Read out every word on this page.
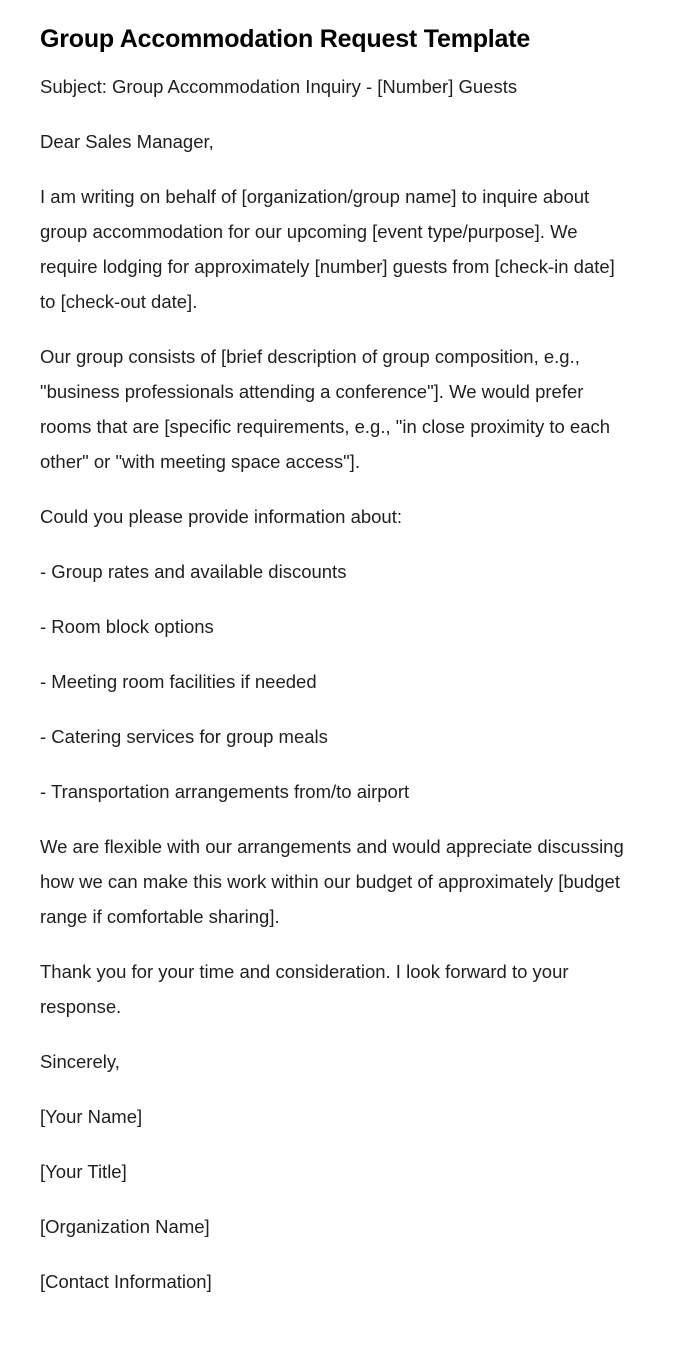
Group Accommodation Request Template

Subject: Group Accommodation Inquiry - [Number] Guests

Dear Sales Manager,

I am writing on behalf of [organization/group name] to inquire about group accommodation for our upcoming [event type/purpose]. We require lodging for approximately [number] guests from [check-in date] to [check-out date].

Our group consists of [brief description of group composition, e.g., "business professionals attending a conference"]. We would prefer rooms that are [specific requirements, e.g., "in close proximity to each other" or "with meeting space access"].

Could you please provide information about:

- Group rates and available discounts

- Room block options

- Meeting room facilities if needed

- Catering services for group meals

- Transportation arrangements from/to airport

We are flexible with our arrangements and would appreciate discussing how we can make this work within our budget of approximately [budget range if comfortable sharing].

Thank you for your time and consideration. I look forward to your response.

Sincerely,

[Your Name]

[Your Title]

[Organization Name]

[Contact Information]
